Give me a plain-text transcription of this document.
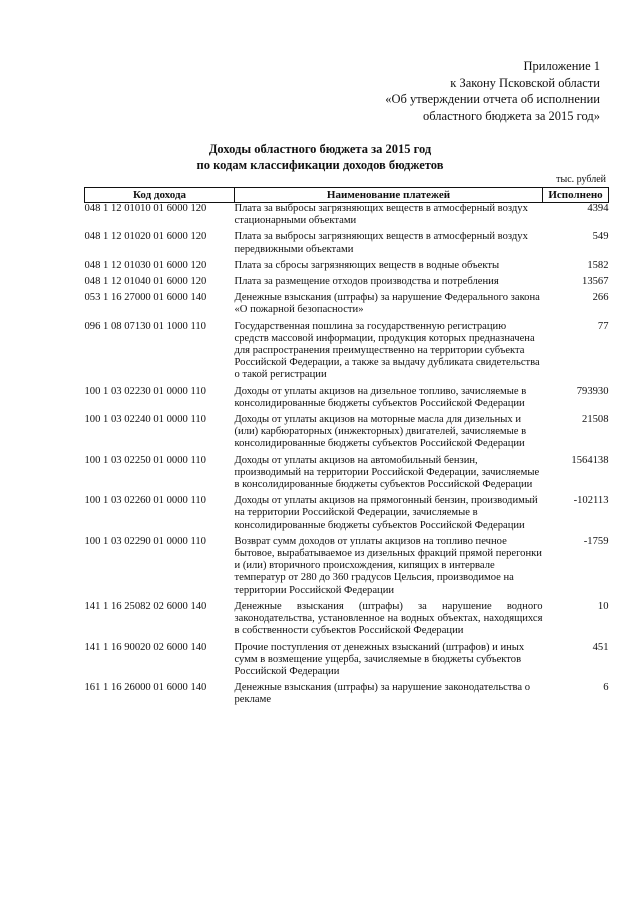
Приложение 1
к Закону Псковской области
«Об утверждении отчета об исполнении
областного бюджета за 2015 год»
Доходы областного бюджета за 2015 год
по кодам классификации доходов бюджетов
тыс. рублей
Код дохода	Наименование платежей	Исполнено
048 1 12 01010 01 6000 120	Плата за выбросы загрязняющих веществ в атмосферный воздух стационарными объектами	4394
048 1 12 01020 01 6000 120	Плата за выбросы загрязняющих веществ в атмосферный воздух передвижными объектами	549
048 1 12 01030 01 6000 120	Плата за сбросы загрязняющих веществ в водные объекты	1582
048 1 12 01040 01 6000 120	Плата за размещение отходов производства и потребления	13567
053 1 16 27000 01 6000 140	Денежные взыскания (штрафы) за нарушение Федерального закона «О пожарной безопасности»	266
096 1 08 07130 01 1000 110	Государственная пошлина за государственную регистрацию средств массовой информации, продукция которых предназначена для распространения преимущественно на территории субъекта Российской Федерации, а также за выдачу дубликата свидетельства о такой регистрации	77
100 1 03 02230 01 0000 110	Доходы от уплаты акцизов на дизельное топливо, зачисляемые в консолидированные бюджеты субъектов Российской Федерации	793930
100 1 03 02240 01 0000 110	Доходы от уплаты акцизов на моторные масла для дизельных и (или) карбюраторных (инжекторных) двигателей, зачисляемые в консолидированные бюджеты субъектов Российской Федерации	21508
100 1 03 02250 01 0000 110	Доходы от уплаты акцизов на автомобильный бензин, производимый на территории Российской Федерации, зачисляемые в консолидированные бюджеты субъектов Российской Федерации	1564138
100 1 03 02260 01 0000 110	Доходы от уплаты акцизов на прямогонный бензин, производимый на территории Российской Федерации, зачисляемые в консолидированные бюджеты субъектов Российской Федерации	-102113
100 1 03 02290 01 0000 110	Возврат сумм доходов от уплаты акцизов на топливо печное бытовое, вырабатываемое из дизельных фракций прямой перегонки и (или) вторичного происхождения, кипящих в интервале температур от 280 до 360 градусов Цельсия, производимое на территории Российской Федерации	-1759
141 1 16 25082 02 6000 140	Денежные взыскания (штрафы) за нарушение водного законодательства, установленное на водных объектах, находящихся в собственности субъектов Российской Федерации	10
141 1 16 90020 02 6000 140	Прочие поступления от денежных взысканий (штрафов) и иных сумм в возмещение ущерба, зачисляемые в бюджеты субъектов Российской Федерации	451
161 1 16 26000 01 6000 140	Денежные взыскания (штрафы) за нарушение законодательства о рекламе	6
